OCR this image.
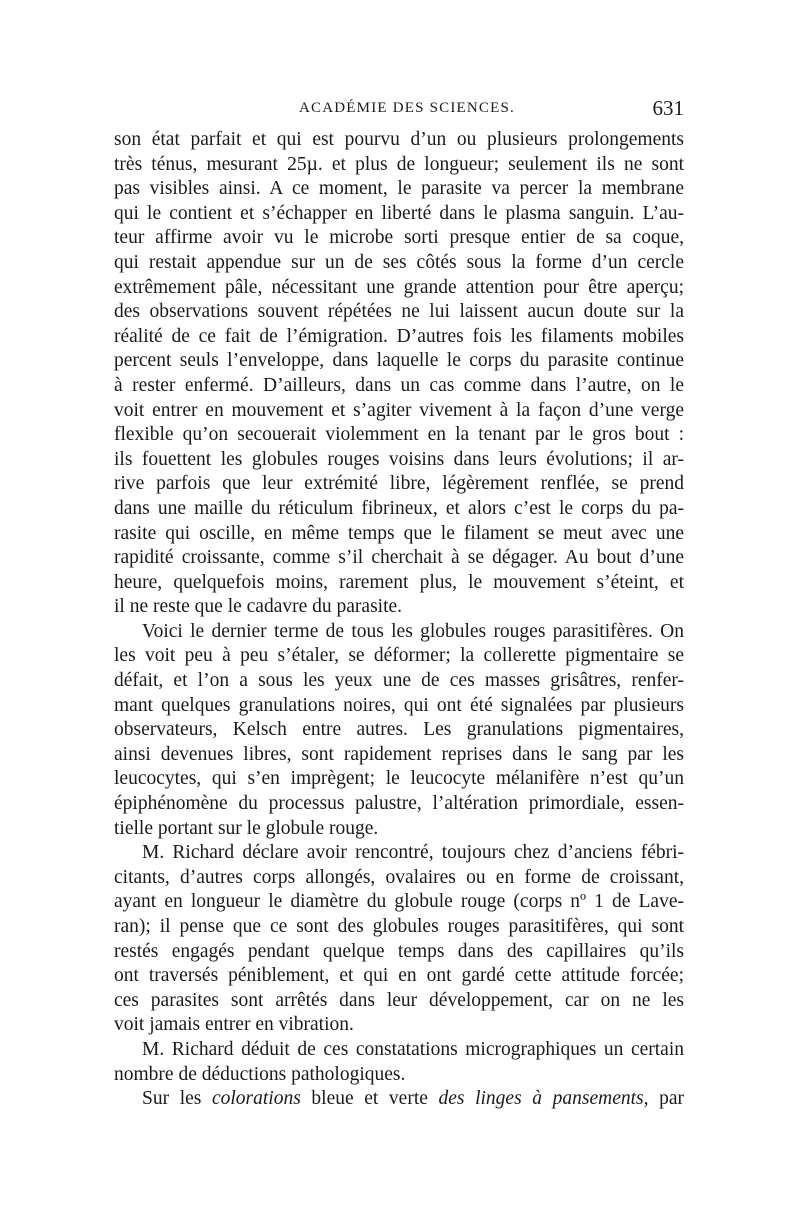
ACADÉMIE DES SCIENCES.	631
son état parfait et qui est pourvu d’un ou plusieurs prolongements
très ténus, mesurant 25µ. et plus de longueur; seulement ils ne sont
pas visibles ainsi. A ce moment, le parasite va percer la membrane
qui le contient et s’échapper en liberté dans le plasma sanguin. L’au-
teur affirme avoir vu le microbe sorti presque entier de sa coque,
qui restait appendue sur un de ses côtés sous la forme d’un cercle
extrêmement pâle, nécessitant une grande attention pour être aperçu;
des observations souvent répétées ne lui laissent aucun doute sur la
réalité de ce fait de l’émigration. D’autres fois les filaments mobiles
percent seuls l’enveloppe, dans laquelle le corps du parasite continue
à rester enfermé. D’ailleurs, dans un cas comme dans l’autre, on le
voit entrer en mouvement et s’agiter vivement à la façon d’une verge
flexible qu’on secouerait violemment en la tenant par le gros bout :
ils fouettent les globules rouges voisins dans leurs évolutions; il ar-
rive parfois que leur extrémité libre, légèrement renflée, se prend
dans une maille du réticulum fibrineux, et alors c’est le corps du pa-
rasite qui oscille, en même temps que le filament se meut avec une
rapidité croissante, comme s’il cherchait à se dégager. Au bout d’une
heure, quelquefois moins, rarement plus, le mouvement s’éteint, et
il ne reste que le cadavre du parasite.
Voici le dernier terme de tous les globules rouges parasitifères. On
les voit peu à peu s’étaler, se déformer; la collerette pigmentaire se
défait, et l’on a sous les yeux une de ces masses grisâtres, renfer-
mant quelques granulations noires, qui ont été signalées par plusieurs
observateurs, Kelsch entre autres. Les granulations pigmentaires,
ainsi devenues libres, sont rapidement reprises dans le sang par les
leucocytes, qui s’en imprègent; le leucocyte mélanifère n’est qu’un
épiphénomène du processus palustre, l’altération primordiale, essen-
tielle portant sur le globule rouge.
M. Richard déclare avoir rencontré, toujours chez d’anciens fébri-
citants, d’autres corps allongés, ovalaires ou en forme de croissant,
ayant en longueur le diamètre du globule rouge (corps nº 1 de Lave-
ran); il pense que ce sont des globules rouges parasitifères, qui sont
restés engagés pendant quelque temps dans des capillaires qu’ils
ont traversés péniblement, et qui en ont gardé cette attitude forcée;
ces parasites sont arrêtés dans leur développement, car on ne les
voit jamais entrer en vibration.
M. Richard déduit de ces constatations micrographiques un certain
nombre de déductions pathologiques.
Sur les colorations bleue et verte des linges à pansements, par
